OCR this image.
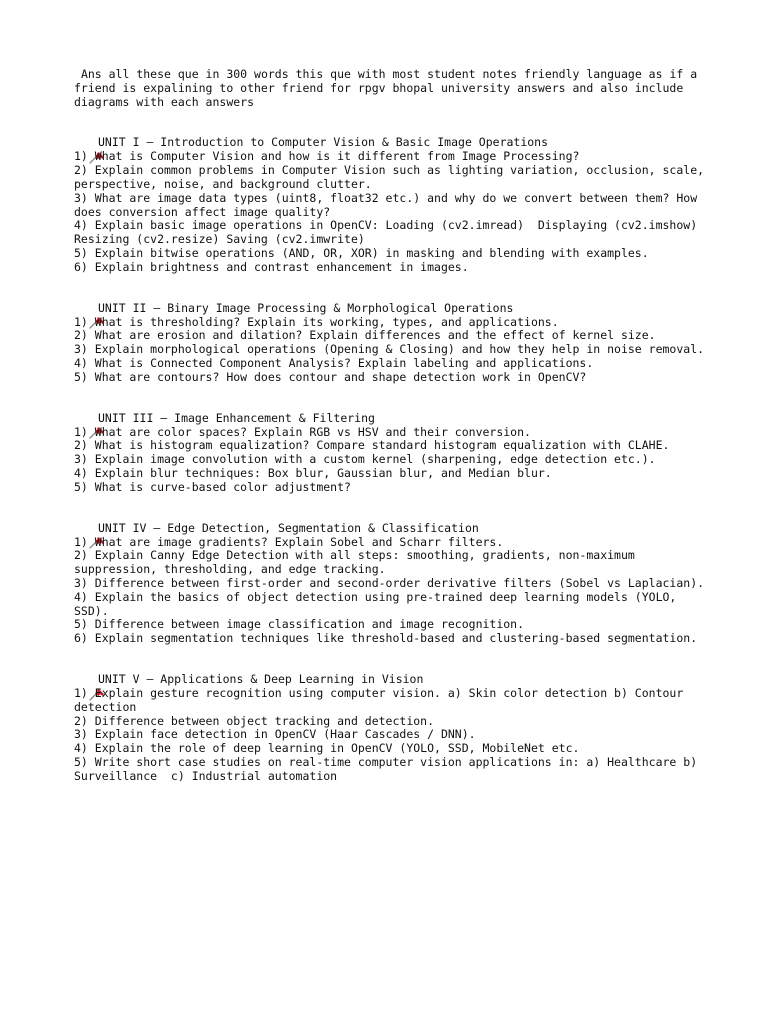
Ans all these que in 300 words this que with most student notes friendly language as if a friend is expalining to other friend for rpgv bhopal university answers and also include diagrams with each answers

UNIT I — Introduction to Computer Vision & Basic Image Operations
1) What is Computer Vision and how is it different from Image Processing?
2) Explain common problems in Computer Vision such as lighting variation, occlusion, scale, perspective, noise, and background clutter.
3) What are image data types (uint8, float32 etc.) and why do we convert between them? How does conversion affect image quality?
4) Explain basic image operations in OpenCV: Loading (cv2.imread)  Displaying (cv2.imshow) Resizing (cv2.resize) Saving (cv2.imwrite)
5) Explain bitwise operations (AND, OR, XOR) in masking and blending with examples.
6) Explain brightness and contrast enhancement in images.

UNIT II — Binary Image Processing & Morphological Operations
1) What is thresholding? Explain its working, types, and applications.
2) What are erosion and dilation? Explain differences and the effect of kernel size.
3) Explain morphological operations (Opening & Closing) and how they help in noise removal.
4) What is Connected Component Analysis? Explain labeling and applications.
5) What are contours? How does contour and shape detection work in OpenCV?

UNIT III — Image Enhancement & Filtering
1) What are color spaces? Explain RGB vs HSV and their conversion.
2) What is histogram equalization? Compare standard histogram equalization with CLAHE.
3) Explain image convolution with a custom kernel (sharpening, edge detection etc.).
4) Explain blur techniques: Box blur, Gaussian blur, and Median blur.
5) What is curve-based color adjustment?

UNIT IV — Edge Detection, Segmentation & Classification
1) What are image gradients? Explain Sobel and Scharr filters.
2) Explain Canny Edge Detection with all steps: smoothing, gradients, non-maximum suppression, thresholding, and edge tracking.
3) Difference between first-order and second-order derivative filters (Sobel vs Laplacian).
4) Explain the basics of object detection using pre-trained deep learning models (YOLO, SSD).
5) Difference between image classification and image recognition.
6) Explain segmentation techniques like threshold-based and clustering-based segmentation.

UNIT V — Applications & Deep Learning in Vision
1) Explain gesture recognition using computer vision. a) Skin color detection b) Contour detection
2) Difference between object tracking and detection.
3) Explain face detection in OpenCV (Haar Cascades / DNN).
4) Explain the role of deep learning in OpenCV (YOLO, SSD, MobileNet etc.
5) Write short case studies on real-time computer vision applications in: a) Healthcare b) Surveillance  c) Industrial automation
